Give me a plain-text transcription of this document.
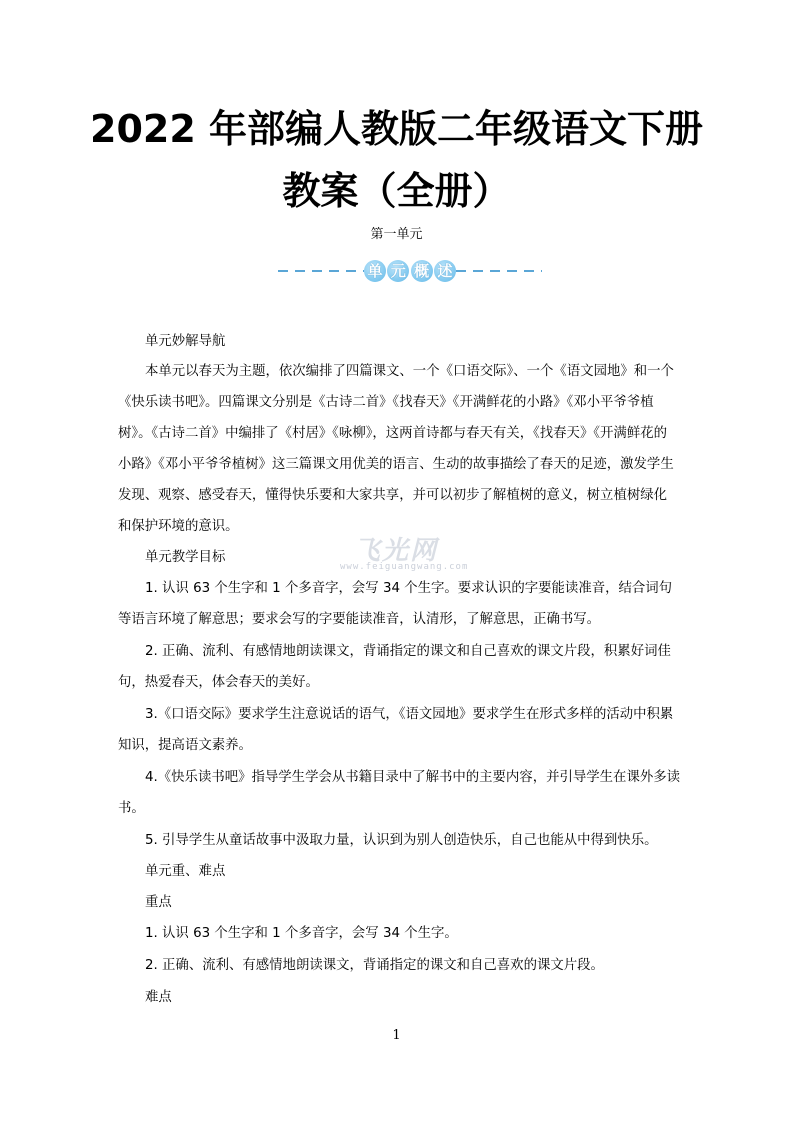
2022 年部编人教版二年级语文下册
教案（全册）
第一单元
单 元 概 述

单元妙解导航

本单元以春天为主题，依次编排了四篇课文、一个《口语交际》、一个《语文园地》和一个《快乐读书吧》。四篇课文分别是《古诗二首》《找春天》《开满鲜花的小路》《邓小平爷爷植树》。《古诗二首》中编排了《村居》《咏柳》，这两首诗都与春天有关，《找春天》《开满鲜花的小路》《邓小平爷爷植树》这三篇课文用优美的语言、生动的故事描绘了春天的足迹，激发学生发现、观察、感受春天，懂得快乐要和大家共享，并可以初步了解植树的意义，树立植树绿化和保护环境的意识。

单元教学目标

1. 认识 63 个生字和 1 个多音字，会写 34 个生字。要求认识的字要能读准音，结合词句等语言环境了解意思；要求会写的字要能读准音，认清形，了解意思，正确书写。

2. 正确、流利、有感情地朗读课文，背诵指定的课文和自己喜欢的课文片段，积累好词佳句，热爱春天，体会春天的美好。

3.《口语交际》要求学生注意说话的语气，《语文园地》要求学生在形式多样的活动中积累知识，提高语文素养。

4.《快乐读书吧》指导学生学会从书籍目录中了解书中的主要内容，并引导学生在课外多读书。

5. 引导学生从童话故事中汲取力量，认识到为别人创造快乐，自己也能从中得到快乐。

单元重、难点

重点

1. 认识 63 个生字和 1 个多音字，会写 34 个生字。

2. 正确、流利、有感情地朗读课文，背诵指定的课文和自己喜欢的课文片段。

难点

飞光网
www.feiguangwang.com
1
